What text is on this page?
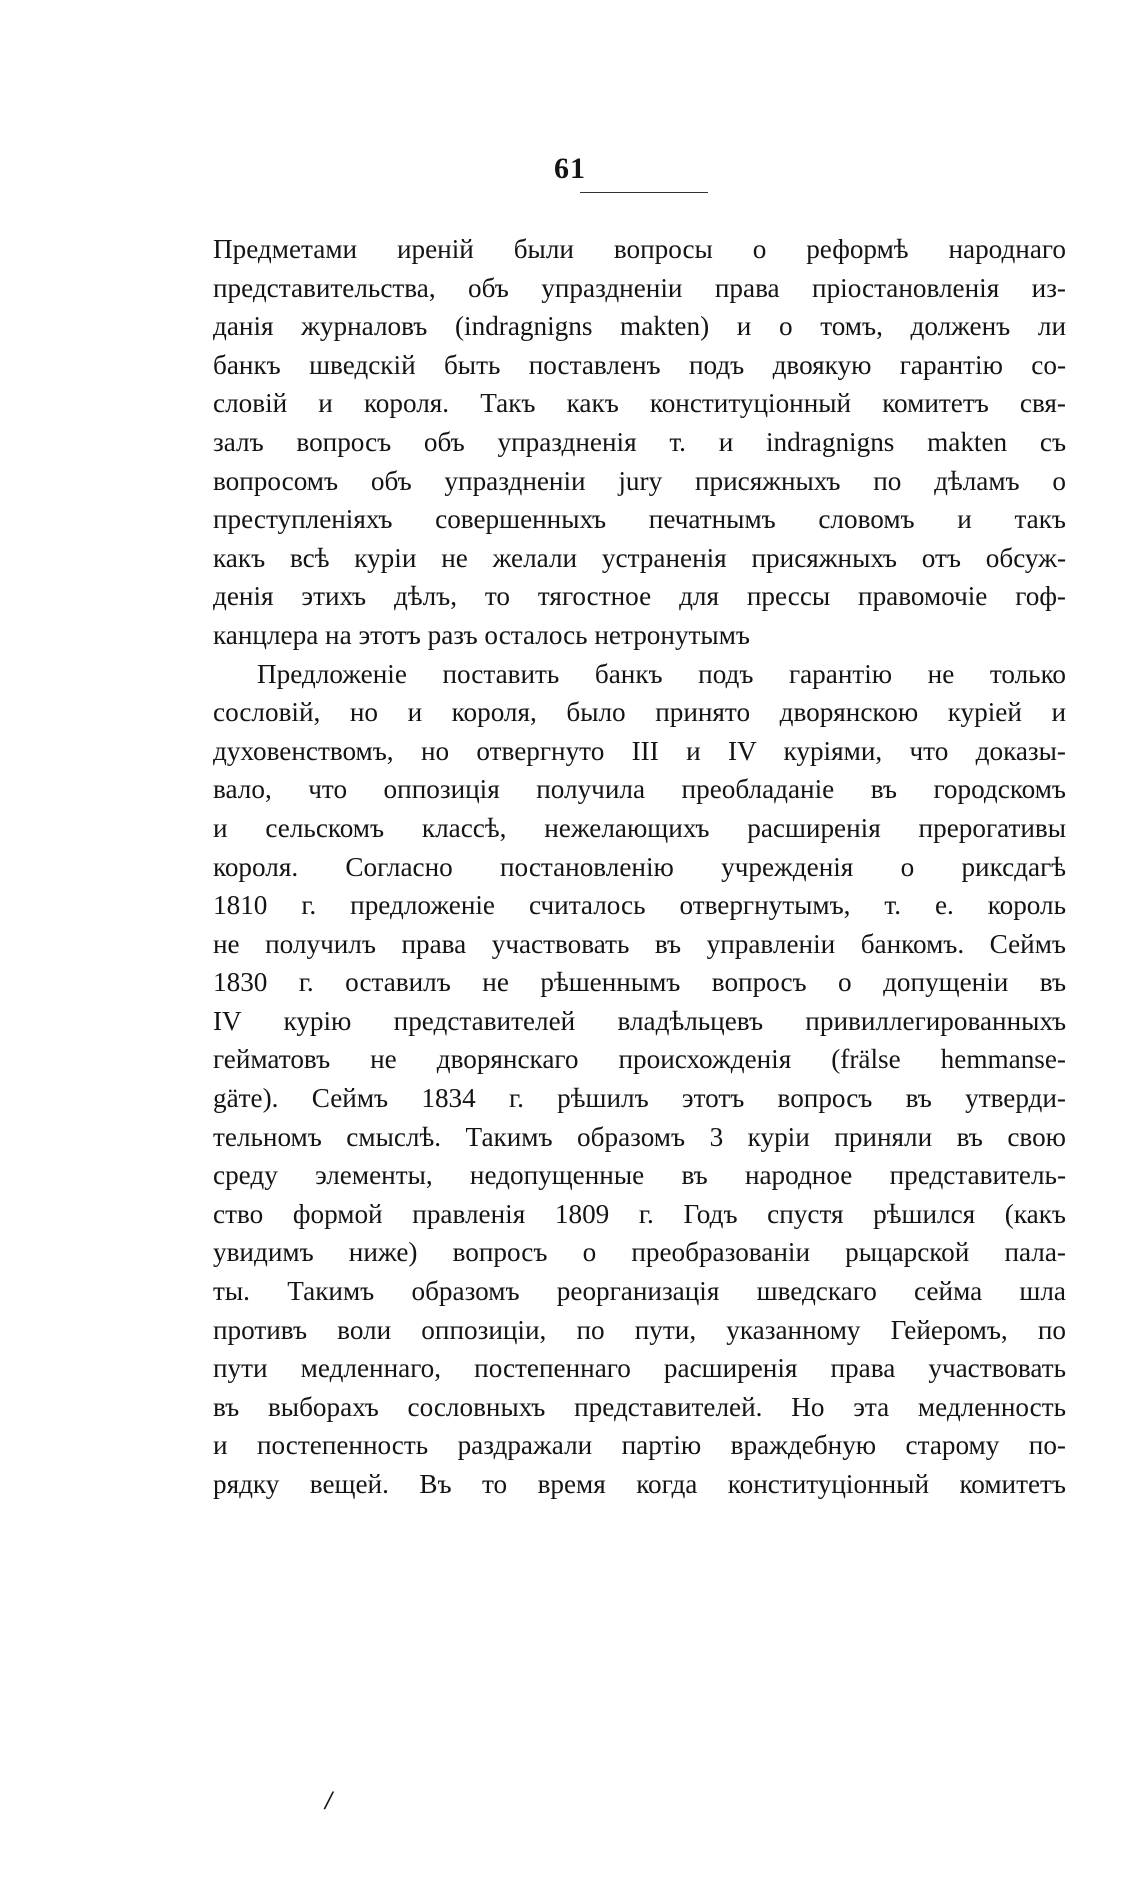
61
Предметами иреній были вопросы о реформѣ народнаго
представительства, объ упраздненіи права пріостановленія из-
данія журналовъ (indragnigns makten) и о томъ, долженъ ли
банкъ шведскій быть поставленъ подъ двоякую гарантію со-
словій и короля. Такъ какъ конституціонный комитетъ свя-
залъ вопросъ объ упраздненія т. и indragnigns makten съ
вопросомъ объ упраздненіи jury присяжныхъ по дѣламъ о
преступленіяхъ совершенныхъ печатнымъ словомъ и такъ
какъ всѣ куріи не желали устраненія присяжныхъ отъ обсуж-
денія этихъ дѣлъ, то тягостное для прессы правомочіе гоф-
канцлера на этотъ разъ осталось нетронутымъ
Предложеніе поставить банкъ подъ гарантію не только
сословій, но и короля, было принято дворянскою куріей и
духовенствомъ, но отвергнуто III и IV куріями, что доказы-
вало, что оппозиція получила преобладаніе въ городскомъ
и сельскомъ классѣ, нежелающихъ расширенія прерогативы
короля. Согласно постановленію учрежденія о риксдагѣ
1810 г. предложеніе считалось отвергнутымъ, т. е. король
не получилъ права участвовать въ управленіи банкомъ. Сеймъ
1830 г. оставилъ не рѣшеннымъ вопросъ о допущеніи въ
IV курію представителей владѣльцевъ привиллегированныхъ
гейматовъ не дворянскаго происхожденія (frälse hemmanse-
gäте). Сеймъ 1834 г. рѣшилъ этотъ вопросъ въ утверди-
тельномъ смыслѣ. Такимъ образомъ 3 куріи приняли въ свою
среду элементы, недопущенные въ народное представитель-
ство формой правленія 1809 г. Годъ спустя рѣшился (какъ
увидимъ ниже) вопросъ о преобразованіи рыцарской пала-
ты. Такимъ образомъ реорганизація шведскаго сейма шла
противъ воли оппозиціи, по пути, указанному Гейеромъ, по
пути медленнаго, постепеннаго расширенія права участвовать
въ выборахъ сословныхъ представителей. Но эта медленность
и постепенность раздражали партію враждебную старому по-
рядку вещей. Въ то время когда конституціонный комитетъ
/
